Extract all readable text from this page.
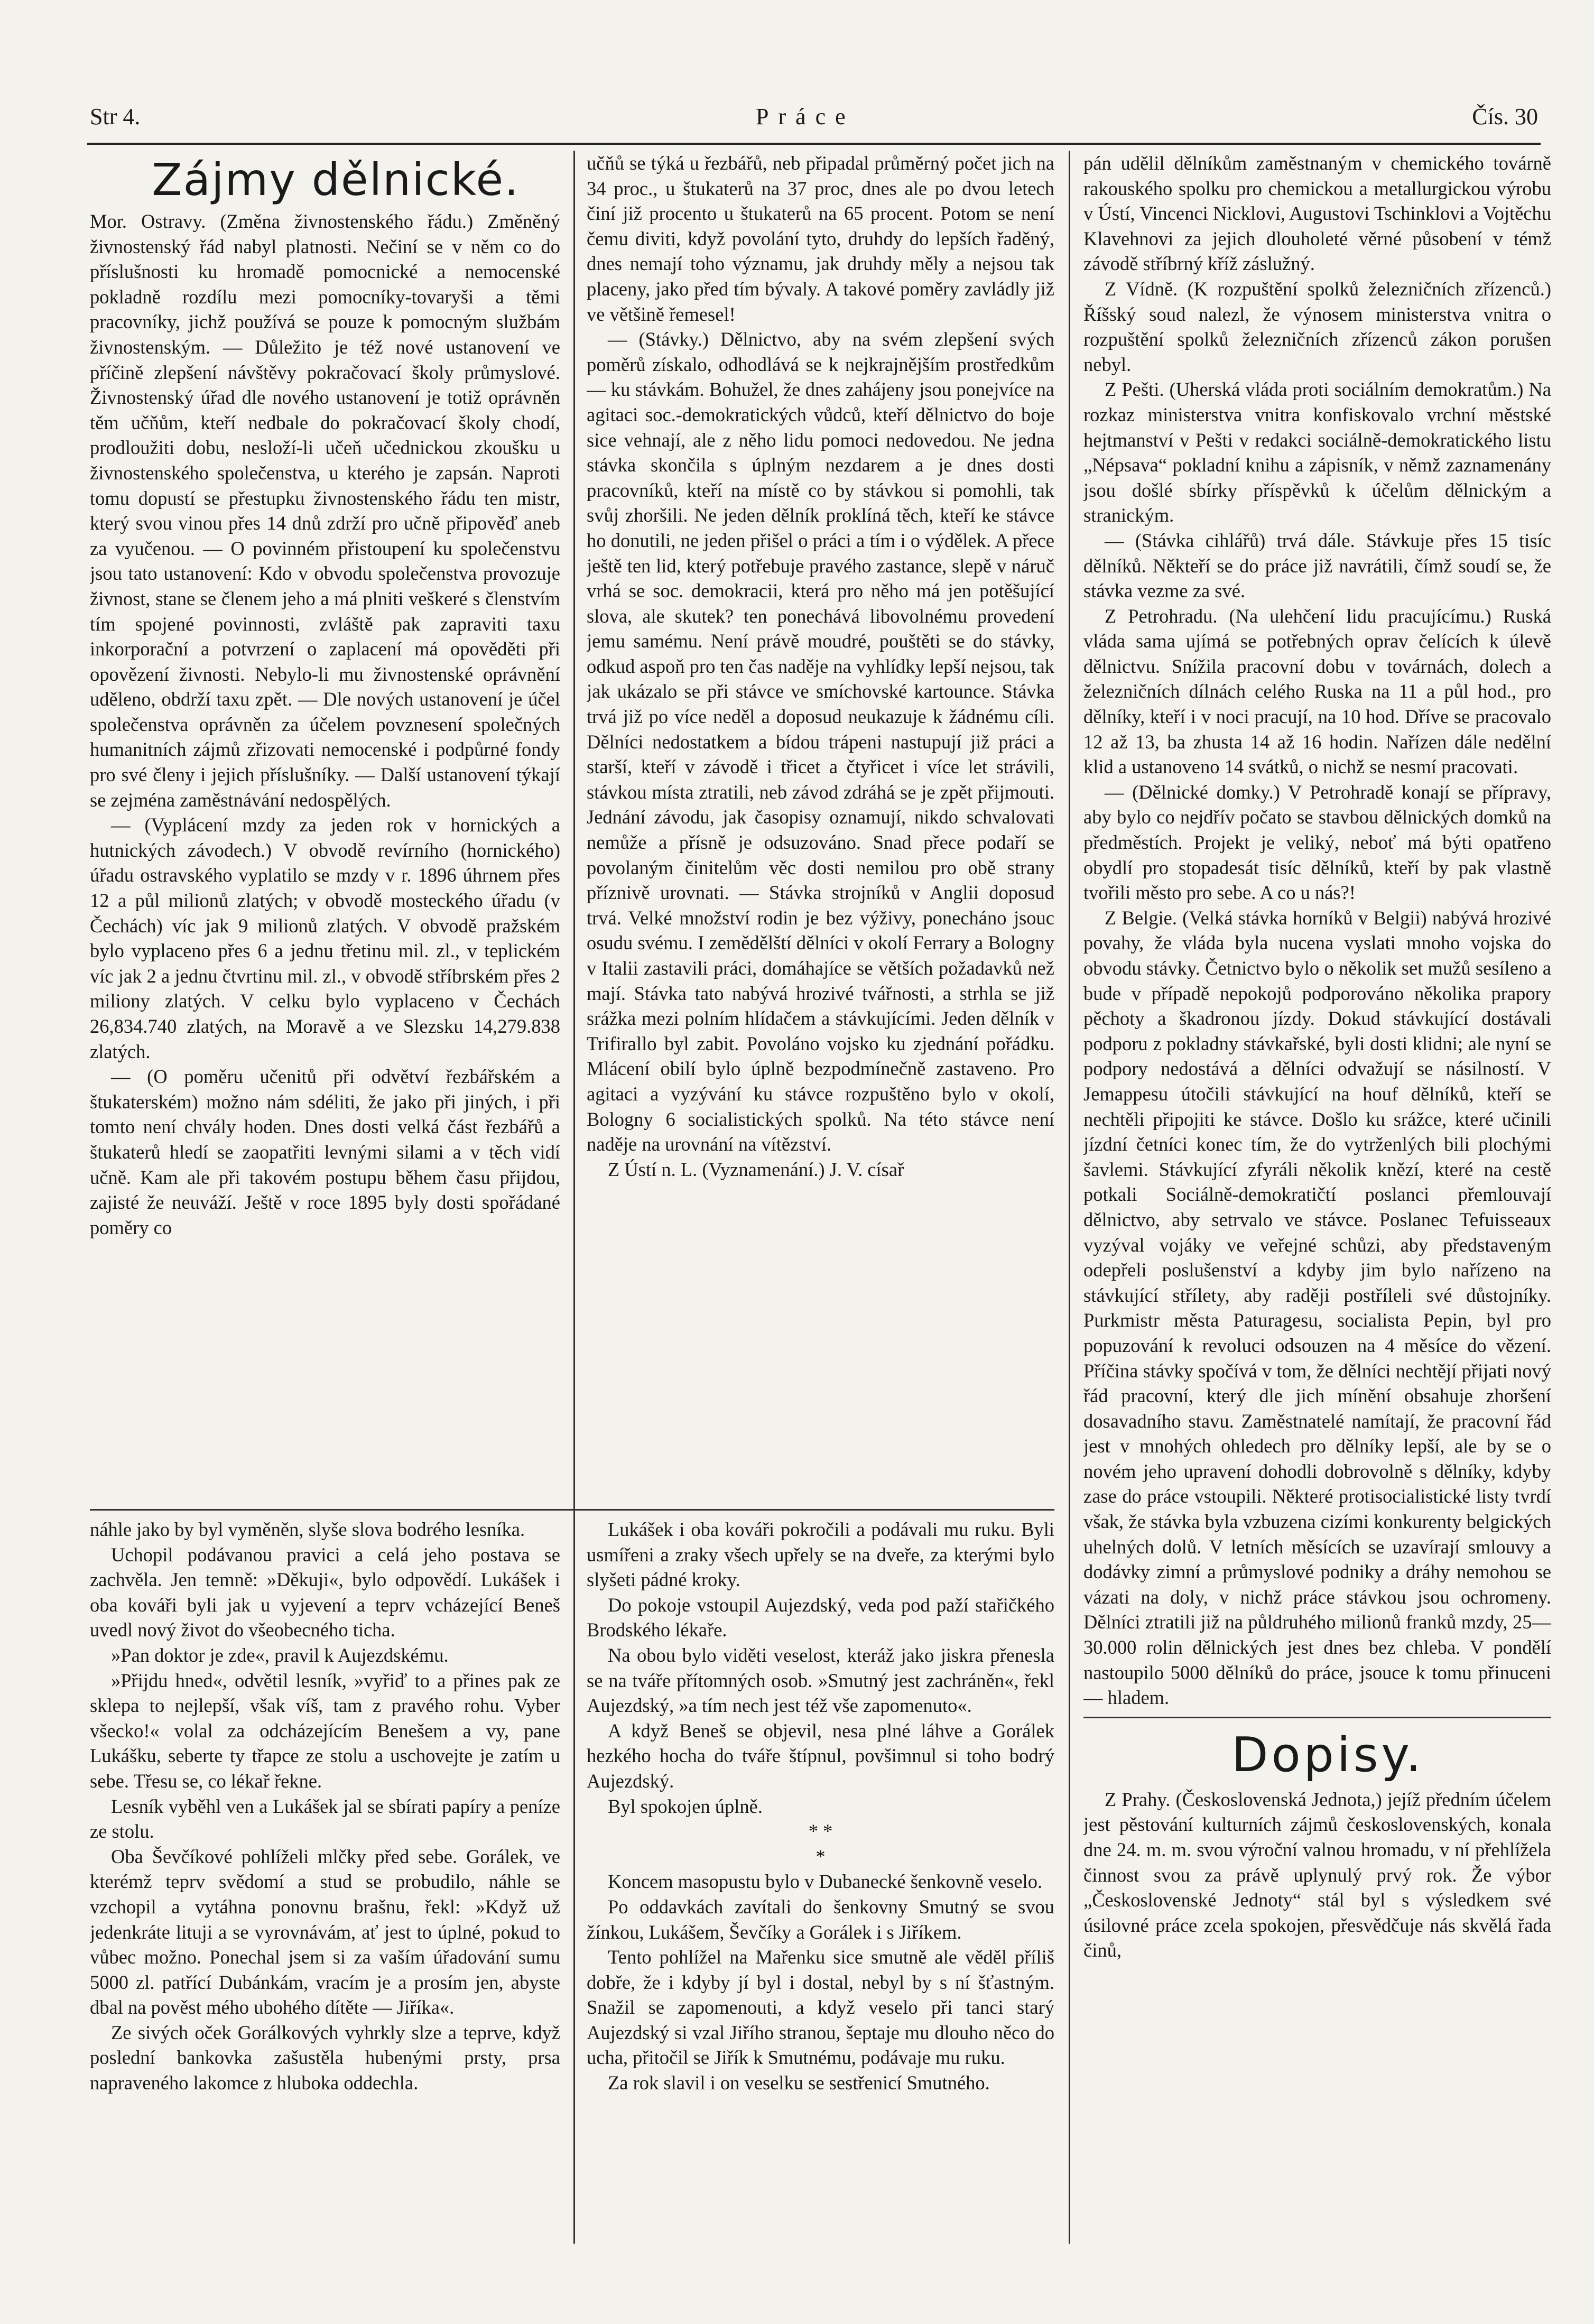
Str 4.	Práce	Čís. 30

Zájmy dělnické.

Mor. Ostravy. (Změna živnostenského řádu.) Změněný živnostenský řád nabyl platnosti. Nečiní se v něm co do příslušnosti ku hromadě pomocnické a nemocenské pokladně rozdílu mezi pomocníky-tovaryši a těmi pracovníky, jichž používá se pouze k pomocným službám živnostenským. — Důležito je též nové ustanovení ve příčině zlepšení návštěvy pokračovací školy průmyslové. Živnostenský úřad dle nového ustanovení je totiž oprávněn těm učňům, kteří nedbale do pokračovací školy chodí, prodloužiti dobu, nesloží-li učeň učednickou zkoušku u živnostenského společenstva, u kterého je zapsán. Naproti tomu dopustí se přestupku živnostenského řádu ten mistr, který svou vinou přes 14 dnů zdrží pro učně připověď aneb za vyučenou. — O povinném přistoupení ku společenstvu jsou tato ustanovení: Kdo v obvodu společenstva provozuje živnost, stane se členem jeho a má plniti veškeré s členstvím tím spojené povinnosti, zvláště pak zapraviti taxu inkorporační a potvrzení o zaplacení má opověděti při opovězení živnosti. Nebylo-li mu živnostenské oprávnění uděleno, obdrží taxu zpět. — Dle nových ustanovení je účel společenstva oprávněn za účelem povznesení společných humanitních zájmů zřizovati nemocenské i podpůrné fondy pro své členy i jejich příslušníky. — Další ustanovení týkají se zejména zaměstnávání nedospělých.

— (Vyplácení mzdy za jeden rok v hornických a hutnických závodech.) V obvodě revírního (hornického) úřadu ostravského vyplatilo se mzdy v r. 1896 úhrnem přes 12 a půl milionů zlatých; v obvodě mosteckého úřadu (v Čechách) víc jak 9 milionů zlatých. V obvodě pražském bylo vyplaceno přes 6 a jednu třetinu mil. zl., v teplickém víc jak 2 a jednu čtvrtinu mil. zl., v obvodě stříbrském přes 2 miliony zlatých. V celku bylo vyplaceno v Čechách 26,834.740 zlatých, na Moravě a ve Slezsku 14,279.838 zlatých.

— (O poměru učenitů při odvětví řezbářském a štukaterském) možno nám sdéliti, že jako při jiných, i při tomto není chvály hoden. Dnes dosti velká část řezbářů a štukaterů hledí se zaopatřiti levnými silami a v těch vidí učně. Kam ale při takovém postupu během času přijdou, zajisté že neuváží. Ještě v roce 1895 byly dosti spořádané poměry co

učňů se týká u řezbářů, neb připadal průměrný počet jich na 34 proc., u štukaterů na 37 proc, dnes ale po dvou letech činí již procento u štukaterů na 65 procent. Potom se není čemu diviti, když povolání tyto, druhdy do lepších řaděný, dnes nemají toho významu, jak druhdy měly a nejsou tak placeny, jako před tím bývaly. A takové poměry zavládly již ve většině řemesel!

— (Stávky.) Dělnictvo, aby na svém zlepšení svých poměrů získalo, odhodlává se k nejkrajnějším prostředkům — ku stávkám. Bohužel, že dnes zahájeny jsou ponejvíce na agitaci soc.-demokratických vůdců, kteří dělnictvo do boje sice vehnají, ale z něho lidu pomoci nedovedou. Ne jedna stávka skončila s úplným nezdarem a je dnes dosti pracovníků, kteří na místě co by stávkou si pomohli, tak svůj zhoršili. Ne jeden dělník proklíná těch, kteří ke stávce ho donutili, ne jeden přišel o práci a tím i o výdělek. A přece ještě ten lid, který potřebuje pravého zastance, slepě v náruč vrhá se soc. demokracii, která pro něho má jen potěšující slova, ale skutek? ten ponechává libovolnému provedení jemu samému. Není právě moudré, pouštěti se do stávky, odkud aspoň pro ten čas naděje na vyhlídky lepší nejsou, tak jak ukázalo se při stávce ve smíchovské kartounce. Stávka trvá již po více neděl a doposud neukazuje k žádnému cíli. Dělníci nedostatkem a bídou trápeni nastupují již práci a starší, kteří v závodě i třicet a čtyřicet i více let strávili, stávkou místa ztratili, neb závod zdráhá se je zpět přijmouti. Jednání závodu, jak časopisy oznamují, nikdo schvalovati nemůže a přísně je odsuzováno. Snad přece podaří se povolaným činitelům věc dosti nemilou pro obě strany příznivě urovnati. — Stávka strojníků v Anglii doposud trvá. Velké množství rodin je bez výživy, ponecháno jsouc osudu svému. I zemědělští dělníci v okolí Ferrary a Bologny v Italii zastavili práci, domáhajíce se větších požadavků než mají. Stávka tato nabývá hrozivé tvářnosti, a strhla se již srážka mezi polním hlídačem a stávkujícími. Jeden dělník v Trifirallo byl zabit. Povoláno vojsko ku zjednání pořádku. Mlácení obilí bylo úplně bezpodmínečně zastaveno. Pro agitaci a vyzývání ku stávce rozpuštěno bylo v okolí, Bologny 6 socialistických spolků. Na této stávce není naděje na urovnání na vítězství.

Z Ústí n. L. (Vyznamenání.) J. V. císař

pán udělil dělníkům zaměstnaným v chemického továrně rakouského spolku pro chemickou a metallurgickou výrobu v Ústí, Vincenci Nicklovi, Augustovi Tschinklovi a Vojtěchu Klavehnovi za jejich dlouholeté věrné působení v témž závodě stříbrný kříž záslužný.

Z Vídně. (K rozpuštění spolků železničních zřízenců.) Říšský soud nalezl, že výnosem ministerstva vnitra o rozpuštění spolků železničních zřízenců zákon porušen nebyl.

Z Pešti. (Uherská vláda proti sociálním demokratům.) Na rozkaz ministerstva vnitra konfiskovalo vrchní městské hejtmanství v Pešti v redakci sociálně-demokratického listu „Népsava“ pokladní knihu a zápisník, v němž zaznamenány jsou došlé sbírky příspěvků k účelům dělnickým a stranickým.

— (Stávka cihlářů) trvá dále. Stávkuje přes 15 tisíc dělníků. Někteří se do práce již navrátili, čímž soudí se, že stávka vezme za své.

Z Petrohradu. (Na ulehčení lidu pracujícímu.) Ruská vláda sama ujímá se potřebných oprav čelících k úlevě dělnictvu. Snížila pracovní dobu v továrnách, dolech a železničních dílnách celého Ruska na 11 a půl hod., pro dělníky, kteří i v noci pracují, na 10 hod. Dříve se pracovalo 12 až 13, ba zhusta 14 až 16 hodin. Nařízen dále nedělní klid a ustanoveno 14 svátků, o nichž se nesmí pracovati.

— (Dělnické domky.) V Petrohradě konají se přípravy, aby bylo co nejdřív počato se stavbou dělnických domků na předměstích. Projekt je veliký, neboť má býti opatřeno obydlí pro stopadesát tisíc dělníků, kteří by pak vlastně tvořili město pro sebe. A co u nás?!

Z Belgie. (Velká stávka horníků v Belgii) nabývá hrozivé povahy, že vláda byla nucena vyslati mnoho vojska do obvodu stávky. Četnictvo bylo o několik set mužů sesíleno a bude v případě nepokojů podporováno několika prapory pěchoty a škadronou jízdy. Dokud stávkující dostávali podporu z pokladny stávkařské, byli dosti klidni; ale nyní se podpory nedostává a dělníci odvažují se násilností. V Jemappesu útočili stávkující na houf dělníků, kteří se nechtěli připojiti ke stávce. Došlo ku srážce, které učinili jízdní četníci konec tím, že do vytrženlých bili plochými šavlemi. Stávkující zfyráli několik knězí, které na cestě potkali Sociálně-demokratičtí poslanci přemlouvají dělnictvo, aby setrvalo ve stávce. Poslanec Tefuisseaux vyzýval vojáky ve veřejné schůzi, aby představeným odepřeli poslušenství a kdyby jim bylo nařízeno na stávkující střílety, aby raději postříleli své důstojníky. Purkmistr města Paturagesu, socialista Pepin, byl pro popuzování k revoluci odsouzen na 4 měsíce do vězení. Příčina stávky spočívá v tom, že dělníci nechtějí přijati nový řád pracovní, který dle jich mínění obsahuje zhoršení dosavadního stavu. Zaměstnatelé namítají, že pracovní řád jest v mnohých ohledech pro dělníky lepší, ale by se o novém jeho upravení dohodli dobrovolně s dělníky, kdyby zase do práce vstoupili. Některé protisocialistické listy tvrdí však, že stávka byla vzbuzena cizími konkurenty belgických uhelných dolů. V letních měsících se uzavírají smlouvy a dodávky zimní a průmyslové podniky a dráhy nemohou se vázati na doly, v nichž práce stávkou jsou ochromeny. Dělníci ztratili již na půldruhého milionů franků mzdy, 25—30.000 rolin dělnických jest dnes bez chleba. V pondělí nastoupilo 5000 dělníků do práce, jsouce k tomu přinuceni — hladem.

Dopisy.

Z Prahy. (Československá Jednota,) jejíž předním účelem jest pěstování kulturních zájmů československých, konala dne 24. m. m. svou výroční valnou hromadu, v ní přehlížela činnost svou za právě uplynulý prvý rok. Že výbor „Československé Jednoty“ stál byl s výsledkem své úsilovné práce zcela spokojen, přesvědčuje nás skvělá řada činů,

náhle jako by byl vyměněn, slyše slova bodrého lesníka.

Uchopil podávanou pravici a celá jeho postava se zachvěla. Jen temně: »Děkuji«, bylo odpovědí. Lukášek i oba kováři byli jak u vyjevení a teprv vcházející Beneš uvedl nový život do všeobecného ticha.

»Pan doktor je zde«, pravil k Aujezdskému.

»Přijdu hned«, odvětil lesník, »vyřiď to a přines pak ze sklepa to nejlepší, však víš, tam z pravého rohu. Vyber všecko!« volal za odcházejícím Benešem a vy, pane Lukášku, seberte ty třapce ze stolu a uschovejte je zatím u sebe. Třesu se, co lékař řekne.

Lesník vyběhl ven a Lukášek jal se sbírati papíry a peníze ze stolu.

Oba Ševčíkové pohlíželi mlčky před sebe. Gorálek, ve kterémž teprv svědomí a stud se probudilo, náhle se vzchopil a vytáhna ponovnu brašnu, řekl: »Když už jedenkráte lituji a se vyrovnávám, ať jest to úplné, pokud to vůbec možno. Ponechal jsem si za vaším úřadování sumu 5000 zl. patřící Dubánkám, vracím je a prosím jen, abyste dbal na pověst mého ubohého dítěte — Jiříka«.

Ze sivých oček Gorálkových vyhrkly slze a teprve, když poslední bankovka zašustěla hubenými prsty, prsa napraveného lakomce z hluboka oddechla.

Lukášek i oba kováři pokročili a podávali mu ruku. Byli usmířeni a zraky všech upřely se na dveře, za kterými bylo slyšeti pádné kroky.

Do pokoje vstoupil Aujezdský, veda pod paží stařičkého Brodského lékaře.

Na obou bylo viděti veselost, kteráž jako jiskra přenesla se na tváře přítomných osob. »Smutný jest zachráněn«, řekl Aujezdský, »a tím nech jest též vše zapomenuto«.

A když Beneš se objevil, nesa plné láhve a Gorálek hezkého hocha do tváře štípnul, povšimnul si toho bodrý Aujezdský.

Byl spokojen úplně.

* *

*

Koncem masopustu bylo v Dubanecké šenkovně veselo.

Po oddavkách zavítali do šenkovny Smutný se svou žínkou, Lukášem, Ševčíky a Gorálek i s Jiříkem.

Tento pohlížel na Mařenku sice smutně ale věděl příliš dobře, že i kdyby jí byl i dostal, nebyl by s ní šťastným. Snažil se zapomenouti, a když veselo při tanci starý Aujezdský si vzal Jiřího stranou, šeptaje mu dlouho něco do ucha, přitočil se Jiřík k Smutnému, podávaje mu ruku.

Za rok slavil i on veselku se sestřenicí Smutného.
